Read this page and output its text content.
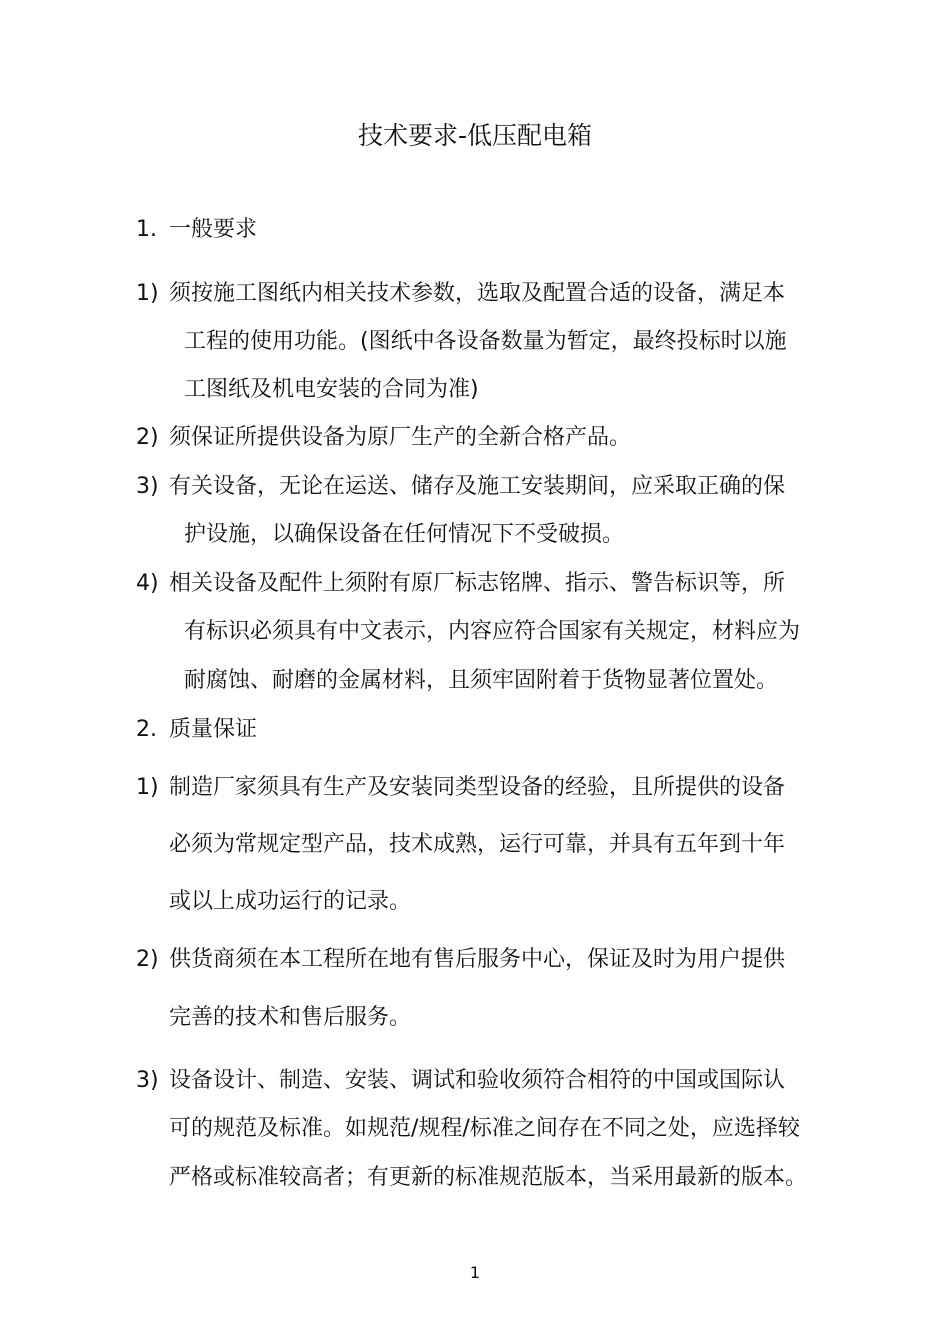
技术要求-低压配电箱
1. 一般要求
1) 须按施工图纸内相关技术参数，选取及配置合适的设备，满足本
工程的使用功能。(图纸中各设备数量为暂定，最终投标时以施
工图纸及机电安装的合同为准)
2) 须保证所提供设备为原厂生产的全新合格产品。
3) 有关设备，无论在运送、储存及施工安装期间，应采取正确的保
护设施，以确保设备在任何情况下不受破损。
4) 相关设备及配件上须附有原厂标志铭牌、指示、警告标识等，所
有标识必须具有中文表示，内容应符合国家有关规定，材料应为
耐腐蚀、耐磨的金属材料，且须牢固附着于货物显著位置处。
2. 质量保证
1) 制造厂家须具有生产及安装同类型设备的经验，且所提供的设备
必须为常规定型产品，技术成熟，运行可靠，并具有五年到十年
或以上成功运行的记录。
2) 供货商须在本工程所在地有售后服务中心，保证及时为用户提供
完善的技术和售后服务。
3) 设备设计、制造、安装、调试和验收须符合相符的中国或国际认
可的规范及标准。如规范/规程/标准之间存在不同之处，应选择较
严格或标准较高者；有更新的标准规范版本，当采用最新的版本。
1
